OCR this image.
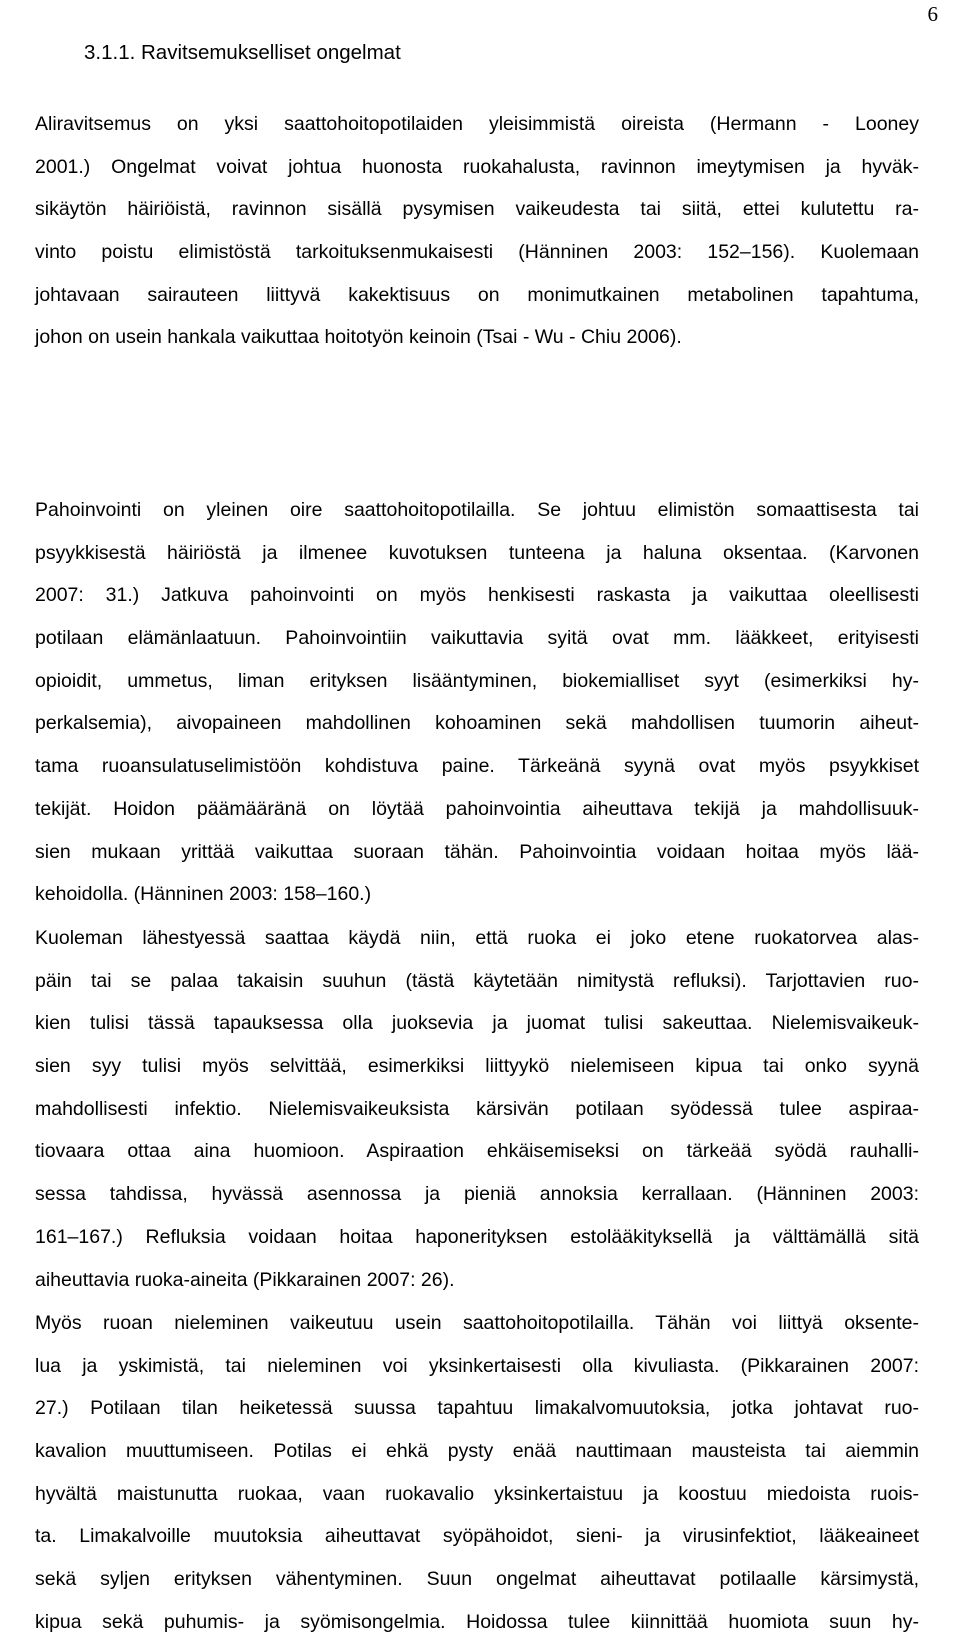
6
3.1.1. Ravitsemukselliset ongelmat
Aliravitsemus on yksi saattohoitopotilaiden yleisimmistä oireista (Hermann - Looney
2001.) Ongelmat voivat johtua huonosta ruokahalusta, ravinnon imeytymisen ja hyväk-
sikäytön häiriöistä, ravinnon sisällä pysymisen vaikeudesta tai siitä, ettei kulutettu ra-
vinto poistu elimistöstä tarkoituksenmukaisesti (Hänninen 2003: 152–156). Kuolemaan
johtavaan sairauteen liittyvä kakektisuus on monimutkainen metabolinen tapahtuma,
johon on usein hankala vaikuttaa hoitotyön keinoin (Tsai - Wu - Chiu 2006).
Pahoinvointi on yleinen oire saattohoitopotilailla. Se johtuu elimistön somaattisesta tai
psyykkisestä häiriöstä ja ilmenee kuvotuksen tunteena ja haluna oksentaa. (Karvonen
2007: 31.) Jatkuva pahoinvointi on myös henkisesti raskasta ja vaikuttaa oleellisesti
potilaan elämänlaatuun. Pahoinvointiin vaikuttavia syitä ovat mm. lääkkeet, erityisesti
opioidit, ummetus, liman erityksen lisääntyminen, biokemialliset syyt (esimerkiksi hy-
perkalsemia), aivopaineen mahdollinen kohoaminen sekä mahdollisen tuumorin aiheut-
tama ruoansulatuselimistöön kohdistuva paine. Tärkeänä syynä ovat myös psyykkiset
tekijät. Hoidon päämääränä on löytää pahoinvointia aiheuttava tekijä ja mahdollisuuk-
sien mukaan yrittää vaikuttaa suoraan tähän. Pahoinvointia voidaan hoitaa myös lää-
kehoidolla. (Hänninen 2003: 158–160.)
Kuoleman lähestyessä saattaa käydä niin, että ruoka ei joko etene ruokatorvea alas-
päin tai se palaa takaisin suuhun (tästä käytetään nimitystä refluksi). Tarjottavien ruo-
kien tulisi tässä tapauksessa olla juoksevia ja juomat tulisi sakeuttaa. Nielemisvaikeuk-
sien syy tulisi myös selvittää, esimerkiksi liittyykö nielemiseen kipua tai onko syynä
mahdollisesti infektio. Nielemisvaikeuksista kärsivän potilaan syödessä tulee aspiraa-
tiovaara ottaa aina huomioon. Aspiraation ehkäisemiseksi on tärkeää syödä rauhalli-
sessa tahdissa, hyvässä asennossa ja pieniä annoksia kerrallaan. (Hänninen 2003:
161–167.) Refluksia voidaan hoitaa haponerityksen estolääkityksellä ja välttämällä sitä
aiheuttavia ruoka-aineita (Pikkarainen 2007: 26).
Myös ruoan nieleminen vaikeutuu usein saattohoitopotilailla. Tähän voi liittyä oksente-
lua ja yskimistä, tai nieleminen voi yksinkertaisesti olla kivuliasta. (Pikkarainen 2007:
27.) Potilaan tilan heiketessä suussa tapahtuu limakalvomuutoksia, jotka johtavat ruo-
kavalion muuttumiseen. Potilas ei ehkä pysty enää nauttimaan mausteista tai aiemmin
hyvältä maistunutta ruokaa, vaan ruokavalio yksinkertaistuu ja koostuu miedoista ruois-
ta. Limakalvoille muutoksia aiheuttavat syöpähoidot, sieni- ja virusinfektiot, lääkeaineet
sekä syljen erityksen vähentyminen. Suun ongelmat aiheuttavat potilaalle kärsimystä,
kipua sekä puhumis- ja syömisongelmia. Hoidossa tulee kiinnittää huomiota suun hy-
